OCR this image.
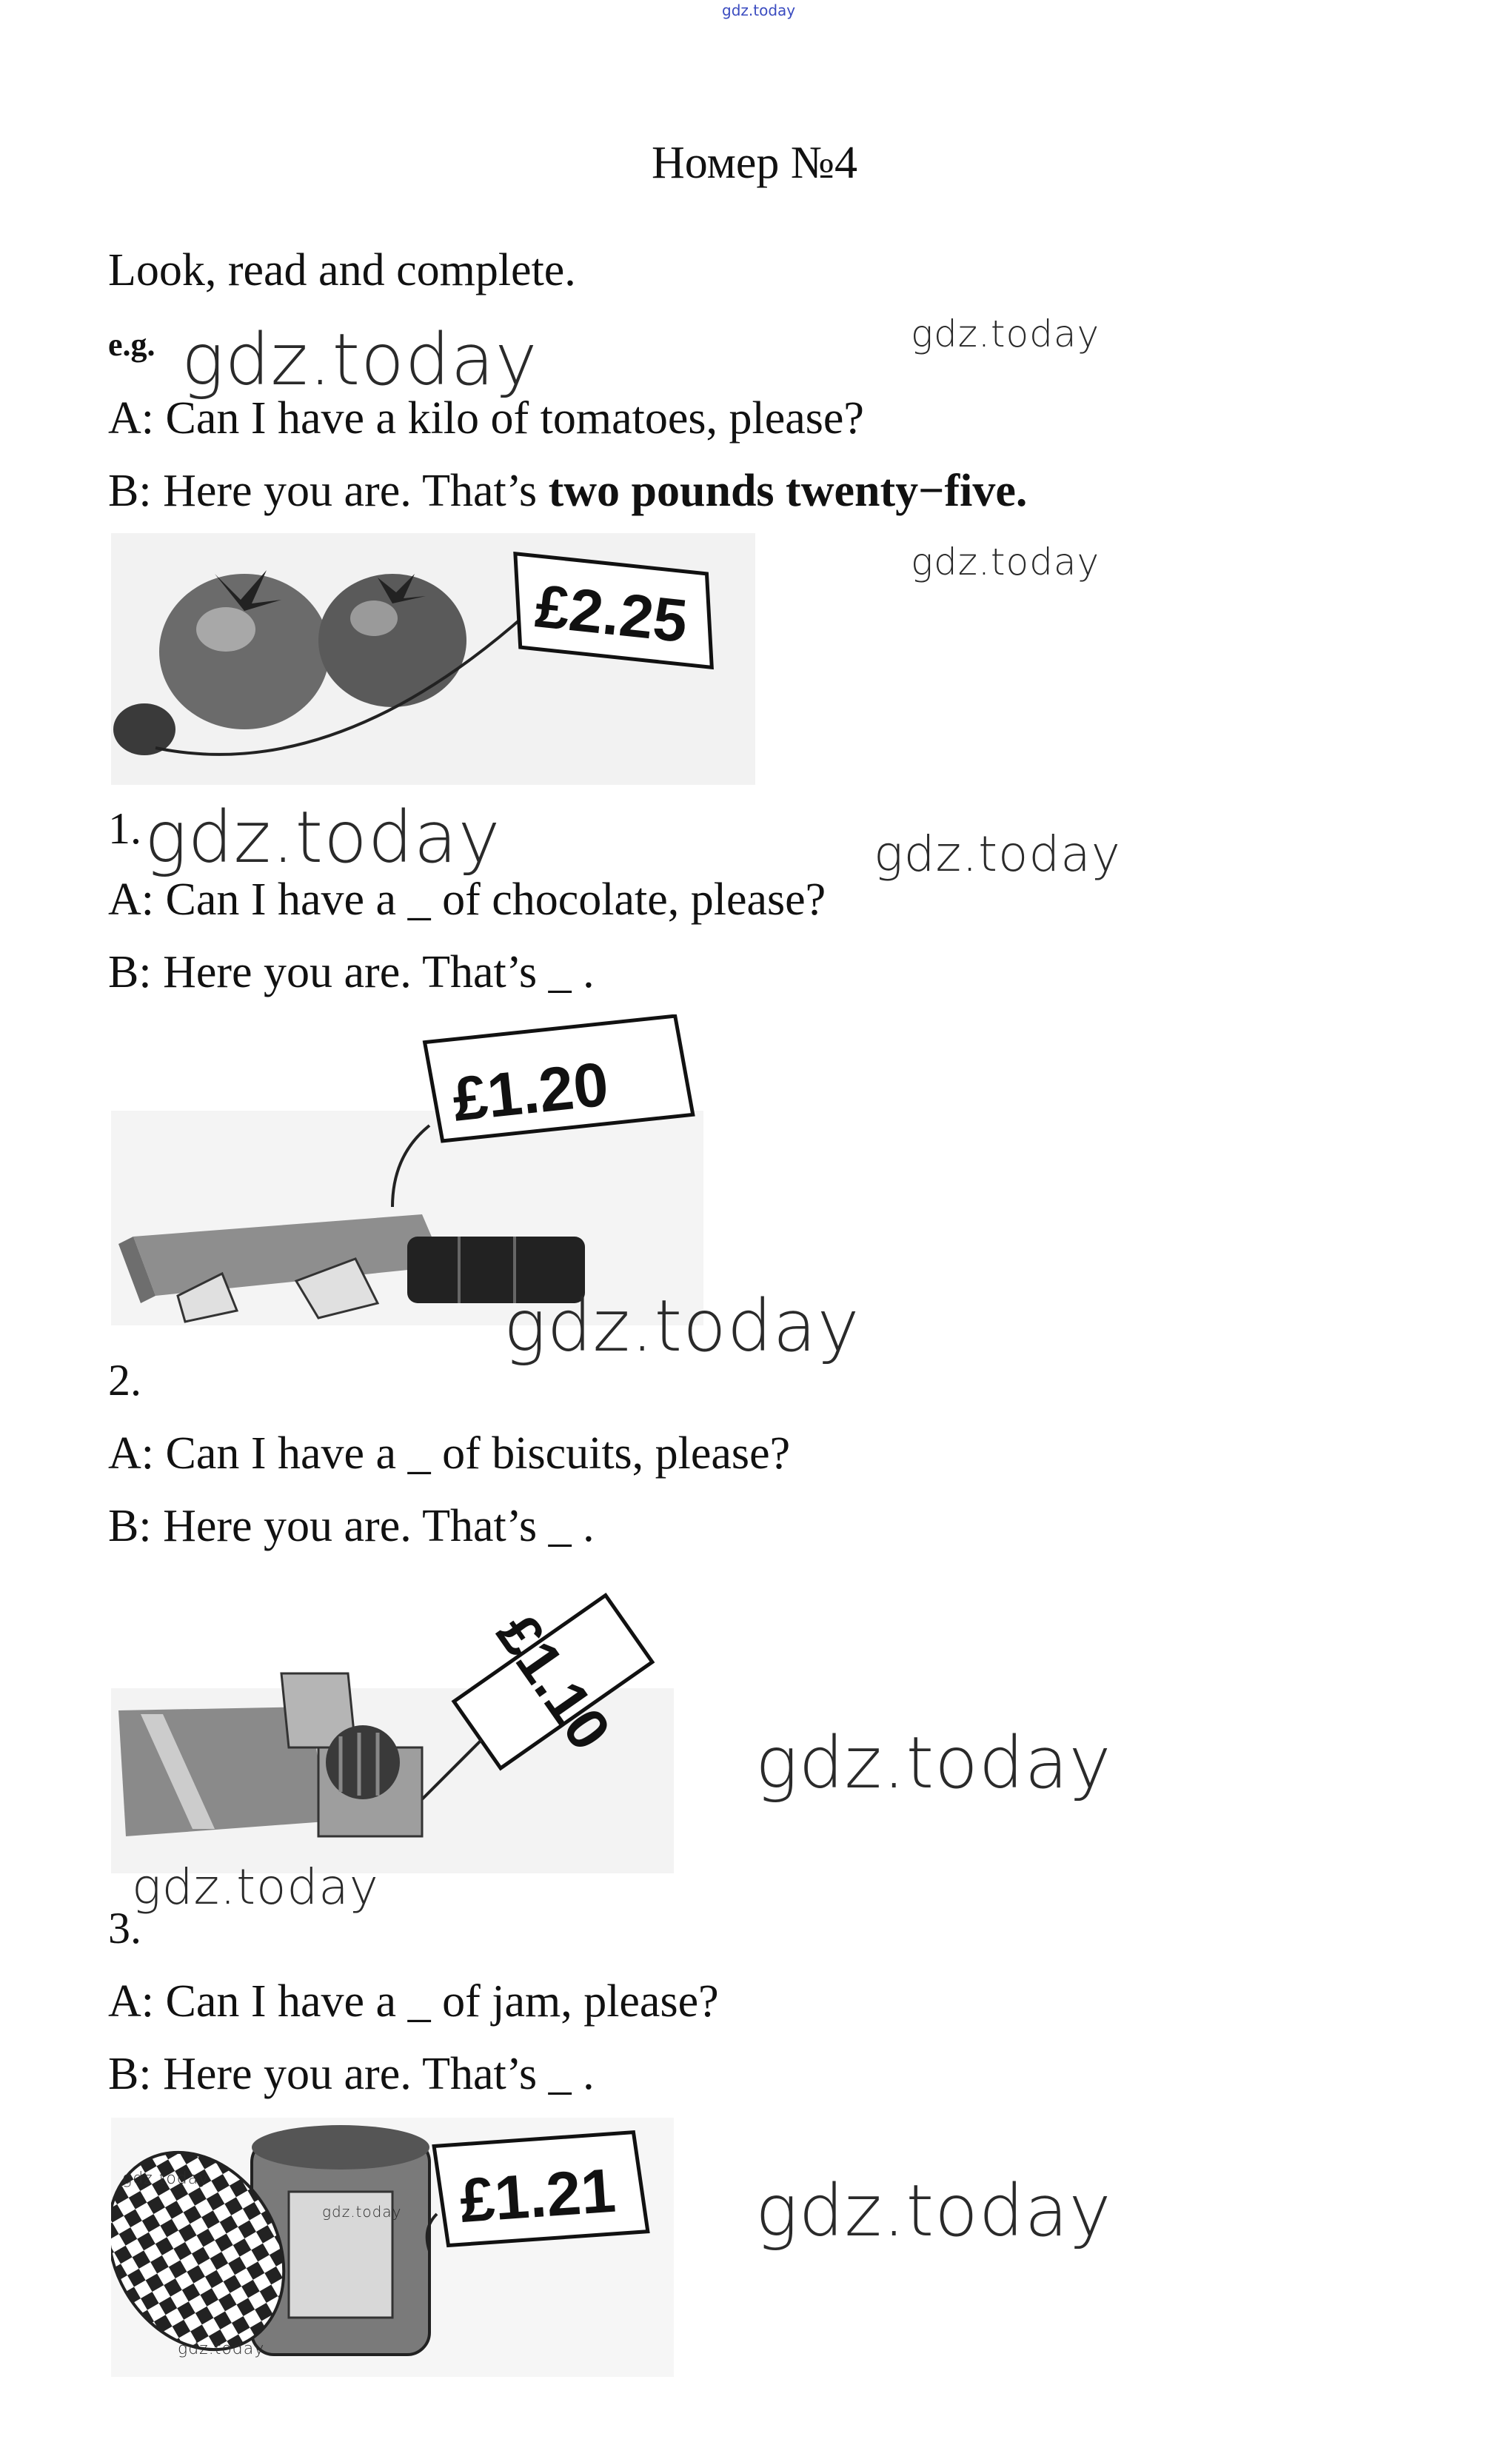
gdz.today
Номер №4
Look, read and complete.
e.g. gdz.today	gdz.today
A: Can I have a kilo of tomatoes, please?
B: Here you are. That’s two pounds twenty−five.
gdz.today
£2.25
1. gdz.today	gdz.today
A: Can I have a _ of chocolate, please?
B: Here you are. That’s _ .
£1.20
gdz.today
2.
A: Can I have a _ of biscuits, please?
B: Here you are. That’s _ .
£1.10
gdz.today
gdz.today
3.
A: Can I have a _ of jam, please?
B: Here you are. That’s _ .
£1.21
gdz.today
gdz.today
gdz.today
gdz.today
